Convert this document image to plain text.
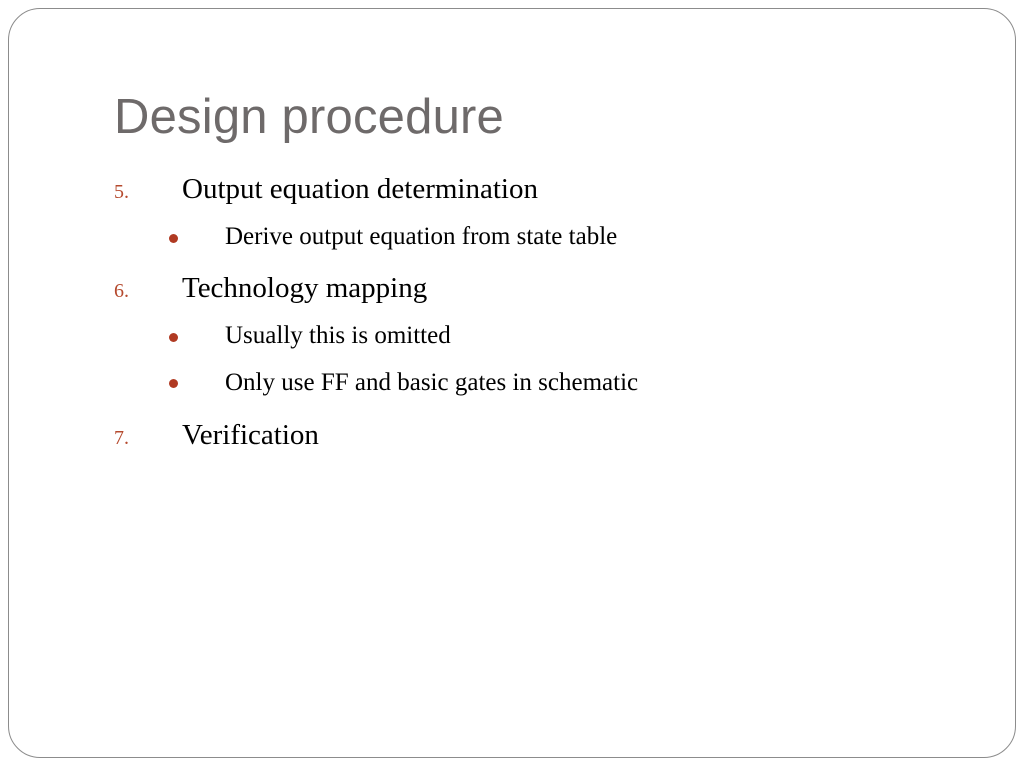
Design procedure
5. Output equation determination
Derive output equation from state table
6. Technology mapping
Usually this is omitted
Only use FF and basic gates in schematic
7. Verification
